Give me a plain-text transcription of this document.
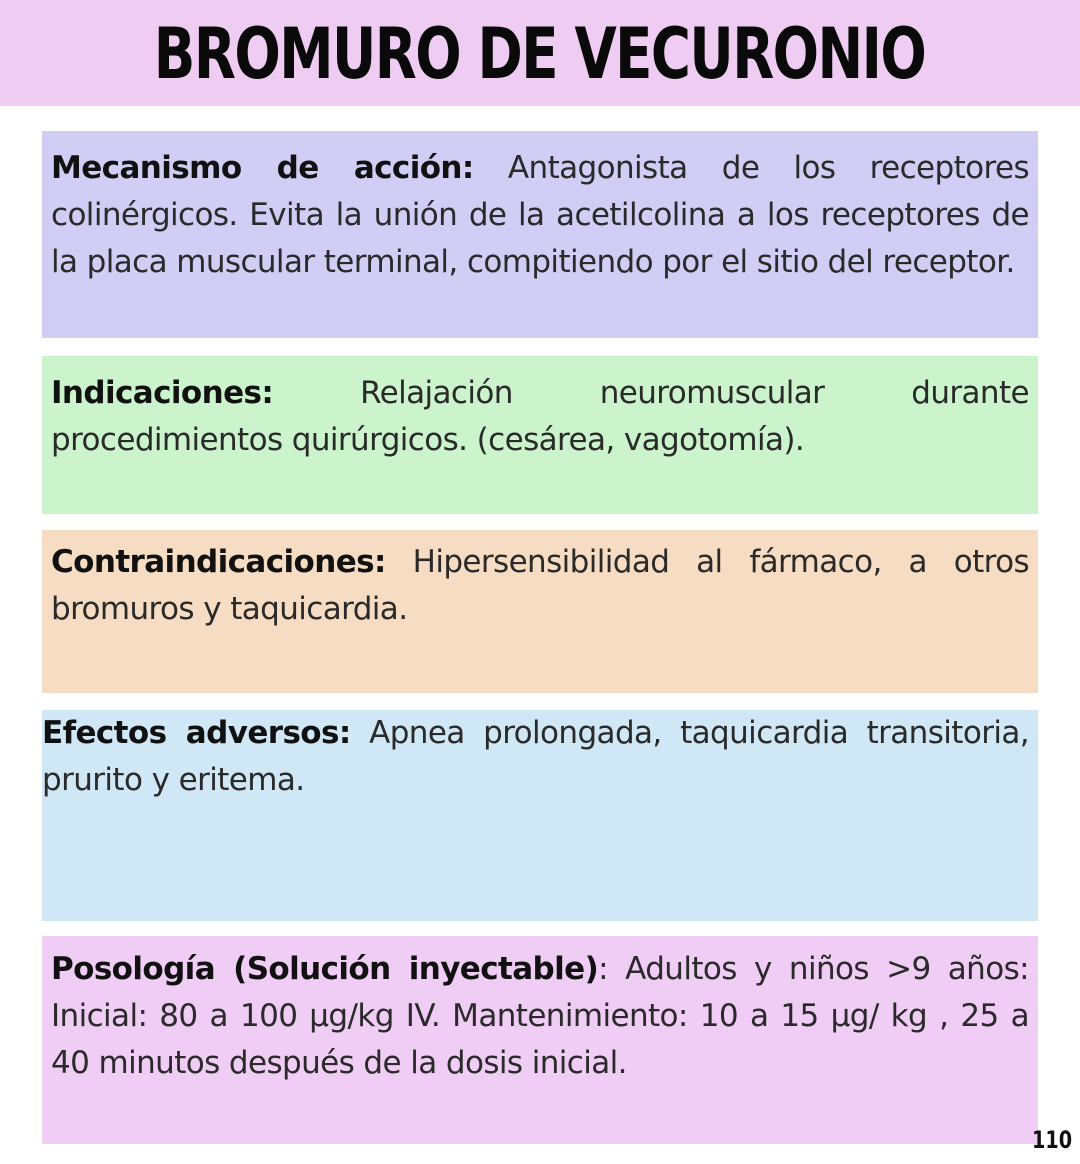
BROMURO DE VECURONIO

Mecanismo de acción: Antagonista de los receptores colinérgicos. Evita la unión de la acetilcolina a los receptores de la placa muscular terminal, compitiendo por el sitio del receptor.

Indicaciones:	Relajación neuromuscular durante procedimientos quirúrgicos. (cesárea, vagotomía).

Contraindicaciones: Hipersensibilidad al fármaco, a otros bromuros y taquicardia.

Efectos adversos: Apnea prolongada, taquicardia transitoria, prurito y eritema.

Posología (Solución inyectable): Adultos y niños >9 años: Inicial: 80 a 100 μg/kg IV. Mantenimiento: 10 a 15 μg/ kg , 25 a 40 minutos después de la dosis inicial.

110
